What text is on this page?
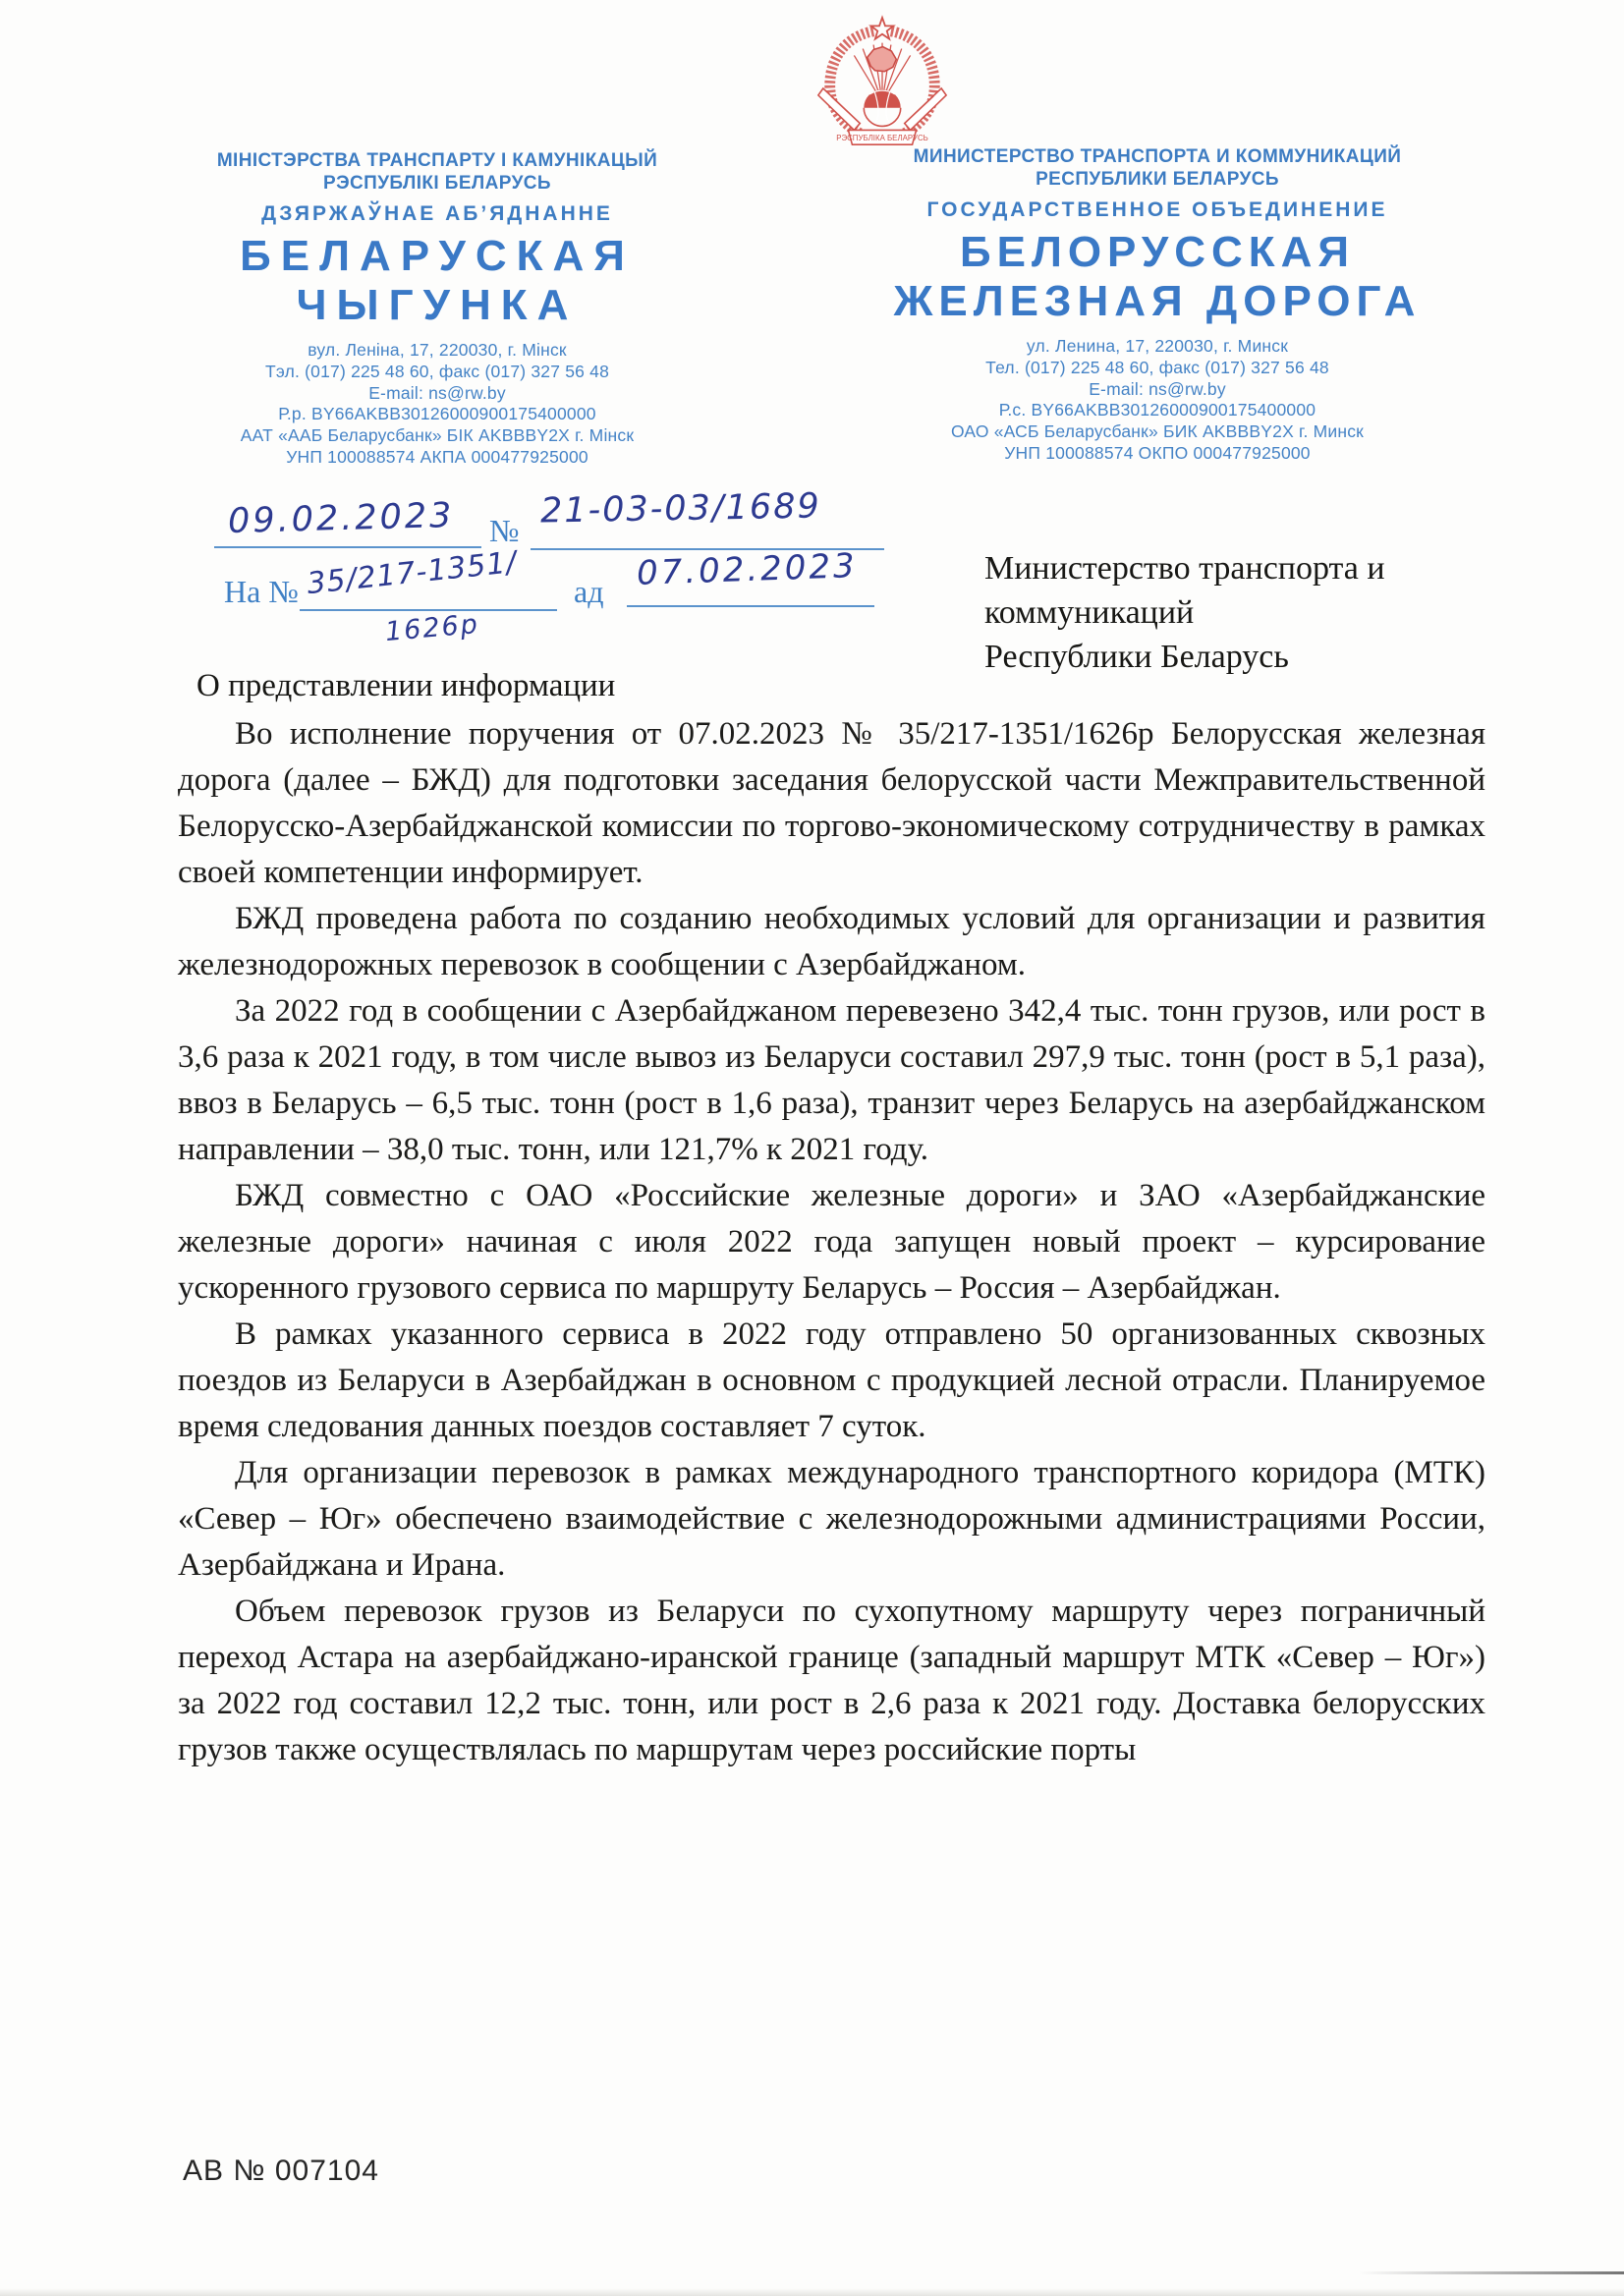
РЭСПУБЛІКА БЕЛАРУСЬ
МІНІСТЭРСТВА ТРАНСПАРТУ І КАМУНІКАЦЫЙ
РЭСПУБЛІКІ БЕЛАРУСЬ
ДЗЯРЖАЎНАЕ АБ’ЯДНАННЕ
БЕЛАРУСКАЯ
ЧЫГУНКА
вул. Леніна, 17, 220030, г. Мінск
Тэл. (017) 225 48 60, факс (017) 327 56 48
E-mail: ns@rw.by
Р.р. BY66AKBB30126000900175400000
ААТ «ААБ Беларусбанк» БІК AKBBBY2X г. Мінск
УНП 100088574 АКПА 000477925000
МИНИСТЕРСТВО ТРАНСПОРТА И КОММУНИКАЦИЙ
РЕСПУБЛИКИ БЕЛАРУСЬ
ГОСУДАРСТВЕННОЕ ОБЪЕДИНЕНИЕ
БЕЛОРУССКАЯ
ЖЕЛЕЗНАЯ ДОРОГА
ул. Ленина, 17, 220030, г. Минск
Тел. (017) 225 48 60, факс (017) 327 56 48
E-mail: ns@rw.by
Р.с. BY66AKBB30126000900175400000
ОАО «АСБ Беларусбанк» БИК AKBBBY2X г. Минск
УНП 100088574 ОКПО 000477925000
09.02.2023 № 21-03-03/1689
На № 35/217-1351/
1626р
ад 07.02.2023	Министерство транспорта и
коммуникаций
Республики Беларусь
О представлении информации

Во исполнение поручения от 07.02.2023 № 35/217-1351/1626р Белорусская железная дорога (далее – БЖД) для подготовки заседания белорусской части Межправительственной Белорусско-Азербайджанской комиссии по торгово-экономическому сотрудничеству в рамках своей компетенции информирует.

БЖД проведена работа по созданию необходимых условий для организации и развития железнодорожных перевозок в сообщении с Азербайджаном.

За 2022 год в сообщении с Азербайджаном перевезено 342,4 тыс. тонн грузов, или рост в 3,6 раза к 2021 году, в том числе вывоз из Беларуси составил 297,9 тыс. тонн (рост в 5,1 раза), ввоз в Беларусь – 6,5 тыс. тонн (рост в 1,6 раза), транзит через Беларусь на азербайджанском направлении – 38,0 тыс. тонн, или 121,7% к 2021 году.

БЖД совместно с ОАО «Российские железные дороги» и ЗАО «Азербайджанские железные дороги» начиная с июля 2022 года запущен новый проект – курсирование ускоренного грузового сервиса по маршруту Беларусь – Россия – Азербайджан.

В рамках указанного сервиса в 2022 году отправлено 50 организованных сквозных поездов из Беларуси в Азербайджан в основном с продукцией лесной отрасли. Планируемое время следования данных поездов составляет 7 суток.

Для организации перевозок в рамках международного транспортного коридора (МТК) «Север – Юг» обеспечено взаимодействие с железнодорожными администрациями России, Азербайджана и Ирана.

Объем перевозок грузов из Беларуси по сухопутному маршруту через пограничный переход Астара на азербайджано-иранской границе (западный маршрут МТК «Север – Юг») за 2022 год составил 12,2 тыс. тонн, или рост в 2,6 раза к 2021 году. Доставка белорусских грузов также осуществлялась по маршрутам через российские порты

АВ № 007104
